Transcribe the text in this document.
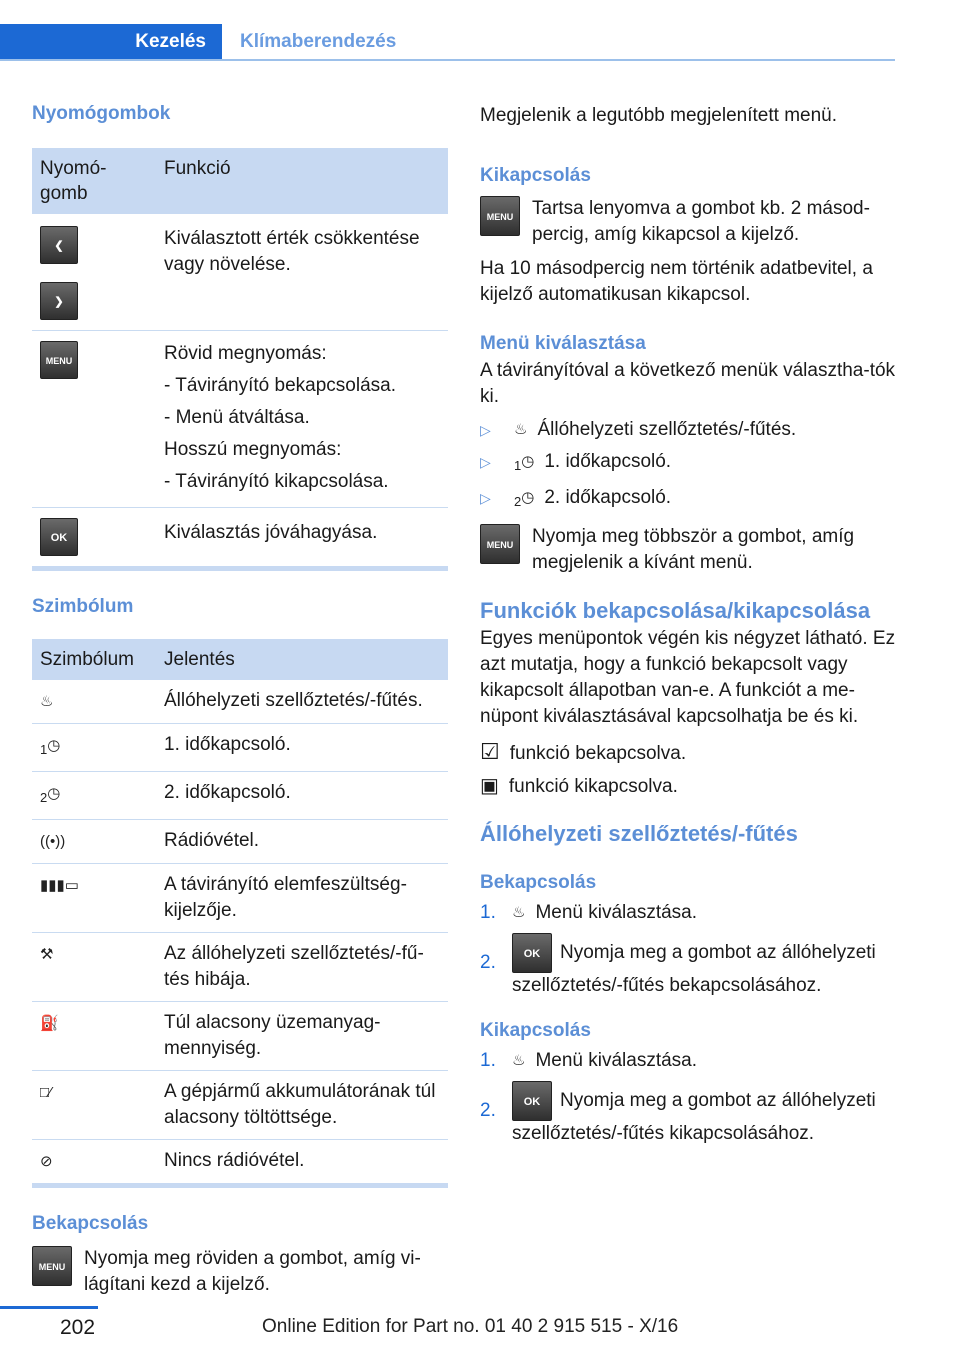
Kezelés	Klímaberendezés
Nyomógombok
Nyomó-
gomb	Funkció
❮
❯	Kiválasztott érték csökkentése vagy növelése.
MENU	Rövid megnyomás:
- Távirányító bekapcsolása.
- Menü átváltása.
Hosszú megnyomás:
- Távirányító kikapcsolása.

OK	Kiválasztás jóváhagyása.
Szimbólum
Szimbólum	Jelentés
♨	Állóhelyzeti szellőztetés/-fűtés.
1◷	1. időkapcsoló.
2◷	2. időkapcsoló.
((•))	Rádióvétel.
▮▮▮▭	A távirányító elemfeszültség-kijelzője.
⚒	Az állóhelyzeti szellőztetés/-fű-tés hibája.
⛽	Túl alacsony üzemanyag-mennyiség.
□⁄	A gépjármű akkumulátorának túl alacsony töltöttsége.
⊘	Nincs rádióvétel.
Bekapcsolás
MENU Nyomja meg röviden a gombot, amíg vi-lágítani kezd a kijelző.

Megjelenik a legutóbb megjelenített menü.

Kikapcsolás
MENU Tartsa lenyomva a gombot kb. 2 másod-percig, amíg kikapcsol a kijelző.

Ha 10 másodpercig nem történik adatbevitel, a kijelző automatikusan kikapcsol.

Menü kiválasztása

A távirányítóval a következő menük választha-tók ki.

▷	♨ Állóhelyzeti szellőztetés/-fűtés.
▷	1◷ 1. időkapcsoló.
▷	2◷ 2. időkapcsoló.
MENU Nyomja meg többször a gombot, amíg megjelenik a kívánt menü.

Funkciók bekapcsolása/kikapcsolása

Egyes menüpontok végén kis négyzet látható. Ez azt mutatja, hogy a funkció bekapcsolt vagy kikapcsolt állapotban van-e. A funkciót a me-nüpont kiválasztásával kapcsolhatja be és ki.

☑ funkció bekapcsolva.
▣ funkció kikapcsolva.
Állóhelyzeti szellőztetés/-fűtés
Bekapcsolás
1.	♨ Menü kiválasztása.
2.	OK Nyomja meg a gombot az állóhelyzeti szellőztetés/-fűtés bekapcsolásához.
Kikapcsolás
1.	♨ Menü kiválasztása.
2.	OK Nyomja meg a gombot az állóhelyzeti szellőztetés/-fűtés kikapcsolásához.
202	Online Edition for Part no. 01 40 2 915 515 - X/16
